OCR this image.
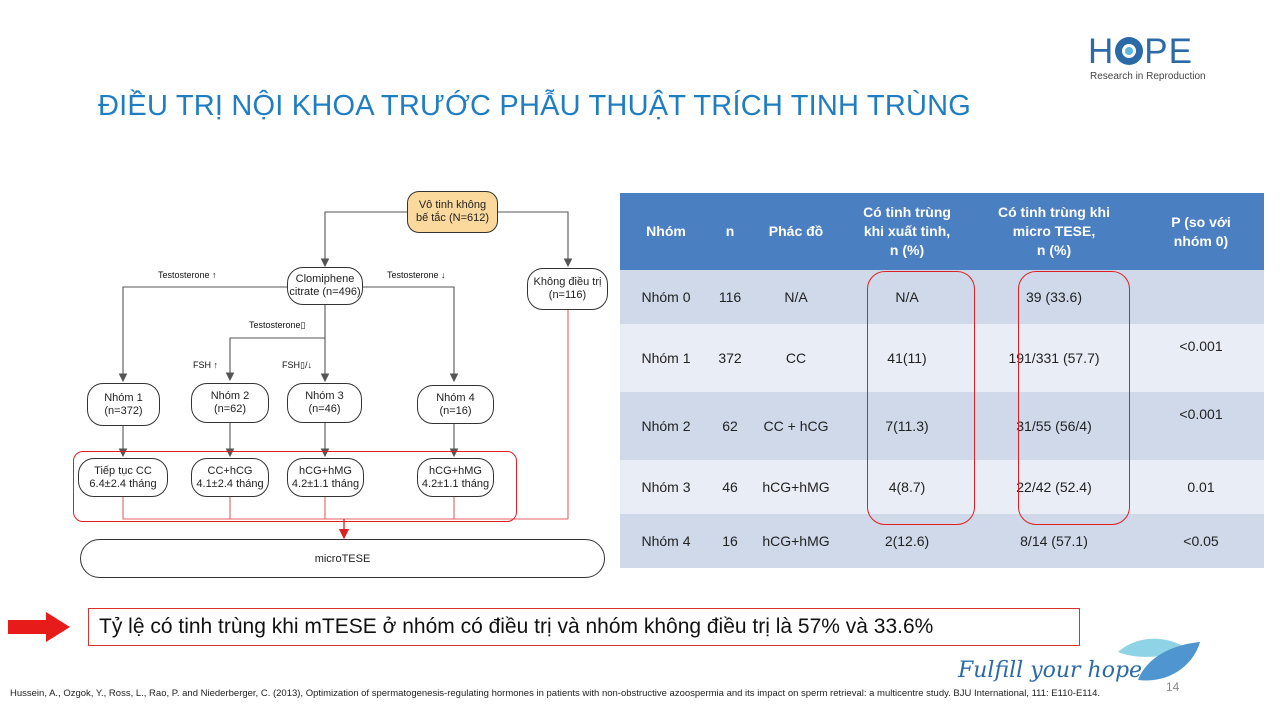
H PE
Research in Reproduction
ĐIỀU TRỊ NỘI KHOA TRƯỚC PHẪU THUẬT TRÍCH TINH TRÙNG
Vô tinh không
bế tắc (N=612)
Clomiphene
citrate (n=496)
Không điều trị
(n=116)
Testosterone ↑	Testosterone ↓
Testosterone▯
FSH ↑	FSH▯/↓
Nhóm 1
(n=372)
Nhóm 2
(n=62)
Nhóm 3
(n=46)
Nhóm 4
(n=16)
Tiếp tục CC
6.4±2.4 tháng
CC+hCG
4.1±2.4 tháng
hCG+hMG
4.2±1.1 tháng
hCG+hMG
4.2±1.1 tháng
microTESE
Nhóm	n	Phác đồ	Có tinh trùng
khi xuất tinh,
n (%)	Có tinh trùng khi
micro TESE,
n (%)	P (so với
nhóm 0)
Nhóm 0	116	N/A	N/A	39 (33.6)	
Nhóm 1	372	CC	41(11)	191/331 (57.7)	<0.001
Nhóm 2	62	CC + hCG	7(11.3)	31/55 (56/4)	<0.001
Nhóm 3	46	hCG+hMG	4(8.7)	22/42 (52.4)	0.01
Nhóm 4	16	hCG+hMG	2(12.6)	8/14 (57.1)	<0.05
Tỷ lệ có tinh trùng khi mTESE ở nhóm có điều trị và nhóm không điều trị là 57% và 33.6%
Fulfill your hope
14
Hussein, A., Ozgok, Y., Ross, L., Rao, P. and Niederberger, C. (2013), Optimization of spermatogenesis-regulating hormones in patients with non-obstructive azoospermia and its impact on sperm retrieval: a multicentre study. BJU International, 111: E110-E114.
